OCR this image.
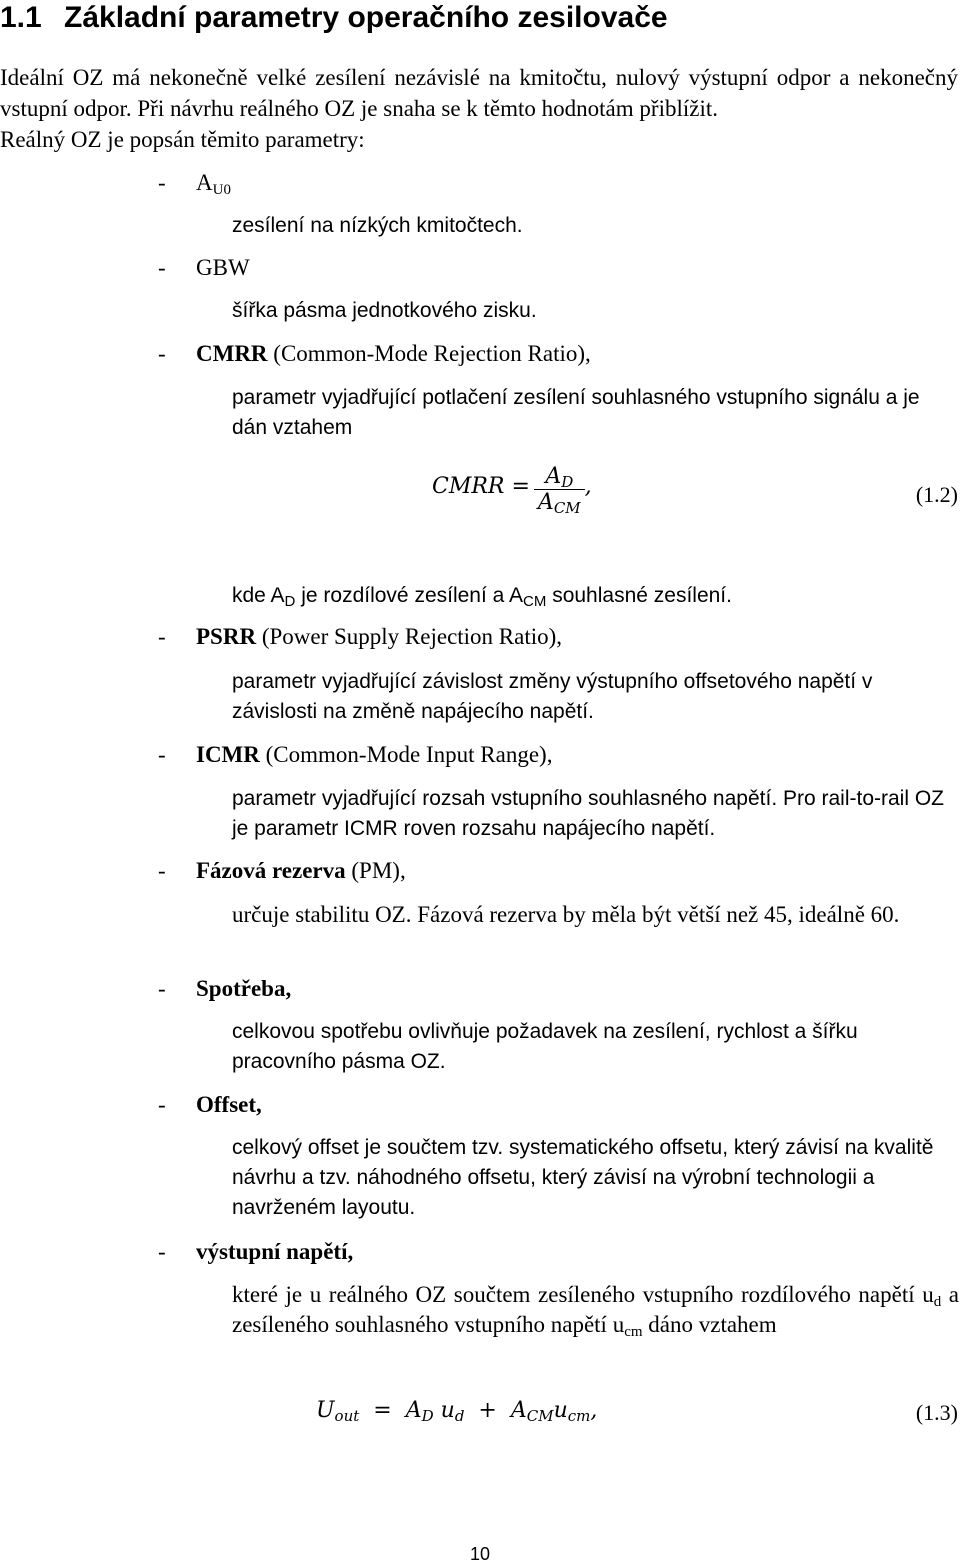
1.1 Základní parametry operačního zesilovače

Ideální OZ má nekonečně velké zesílení nezávislé na kmitočtu, nulový výstupní odpor a nekonečný vstupní odpor. Při návrhu reálného OZ je snaha se k těmto hodnotám přiblížit.

Reálný OZ je popsán těmito parametry:

- $A_{U0}$
zesílení na nízkých kmitočtech.
- GBW
šířka pásma jednotkového zisku.
- CMRR (Common-Mode Rejection Ratio),
parametr vyjadřující potlačení zesílení souhlasného vstupního signálu a je dán vztahem
CMRR = $\frac{A_D}{A_{CM}}$ ,	(1.2)
kde $A_D$ je rozdílové zesílení a $A_{CM}$ souhlasné zesílení.
- PSRR (Power Supply Rejection Ratio),
parametr vyjadřující závislost změny výstupního offsetového napětí v závislosti na změně napájecího napětí.
- ICMR (Common-Mode Input Range),
parametr vyjadřující rozsah vstupního souhlasného napětí. Pro rail-to-rail OZ je parametr ICMR roven rozsahu napájecího napětí.
- Fázová rezerva (PM),
určuje stabilitu OZ. Fázová rezerva by měla být větší než 45, ideálně 60.
- Spotřeba,
celkovou spotřebu ovlivňuje požadavek na zesílení, rychlost a šířku pracovního pásma OZ.
- Offset,
celkový offset je součtem tzv. systematického offsetu, který závisí na kvalitě návrhu a tzv. náhodného offsetu, který závisí na výrobní technologii a navrženém layoutu.
- výstupní napětí,
které je u reálného OZ součtem zesíleného vstupního rozdílového napětí $u_d$ a zesíleného souhlasného vstupního napětí $u_{cm}$ dáno vztahem
$U_{out} = A_D$ $u_d + A_{CM}u_{cm}$,	(1.3)
10
